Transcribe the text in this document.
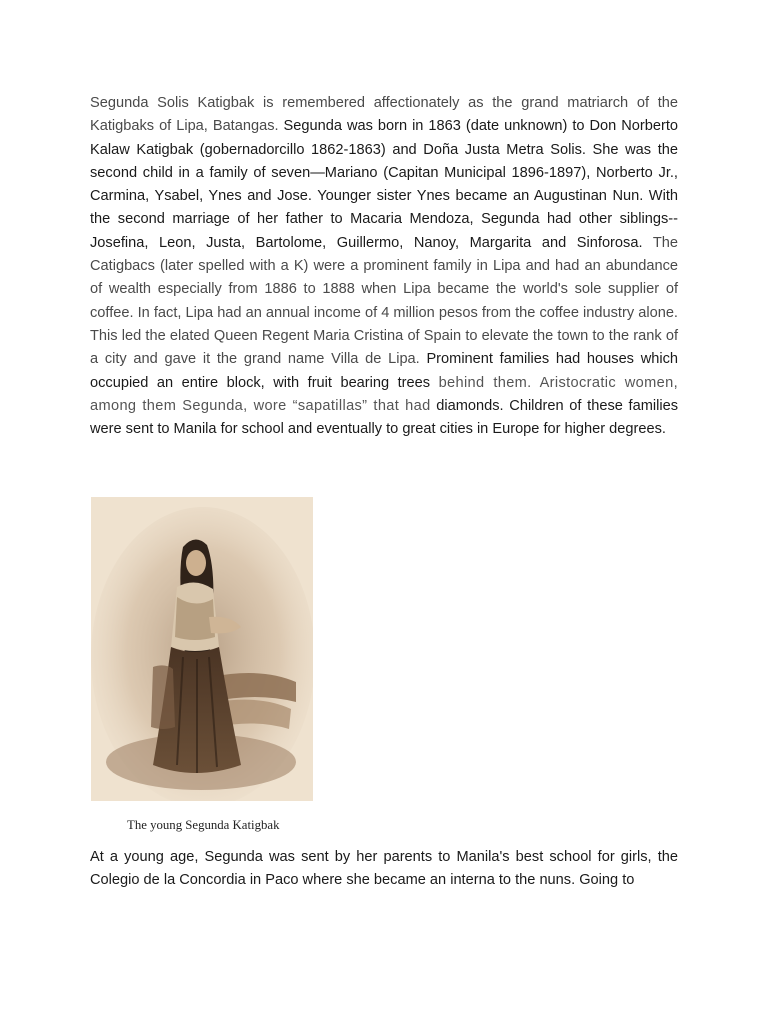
Segunda Solis Katigbak is remembered affectionately as the grand matriarch of the Katigbaks of Lipa, Batangas. Segunda was born in 1863 (date unknown) to Don Norberto Kalaw Katigbak (gobernadorcillo 1862-1863) and Doña Justa Metra Solis. She was the second child in a family of seven—Mariano (Capitan Municipal 1896-1897), Norberto Jr., Carmina, Ysabel, Ynes and Jose. Younger sister Ynes became an Augustinan Nun. With the second marriage of her father to Macaria Mendoza, Segunda had other siblings-- Josefina, Leon, Justa, Bartolome, Guillermo, Nanoy, Margarita and Sinforosa. The Catigbacs (later spelled with a K) were a prominent family in Lipa and had an abundance of wealth especially from 1886 to 1888 when Lipa became the world's sole supplier of coffee. In fact, Lipa had an annual income of 4 million pesos from the coffee industry alone. This led the elated Queen Regent Maria Cristina of Spain to elevate the town to the rank of a city and gave it the grand name Villa de Lipa. Prominent families had houses which occupied an entire block, with fruit bearing trees behind them. Aristocratic women, among them Segunda, wore “sapatillas” that had diamonds. Children of these families were sent to Manila for school and eventually to great cities in Europe for higher degrees.

The young Segunda Katigbak

At a young age, Segunda was sent by her parents to Manila's best school for girls, the Colegio de la Concordia in Paco where she became an interna to the nuns. Going to
